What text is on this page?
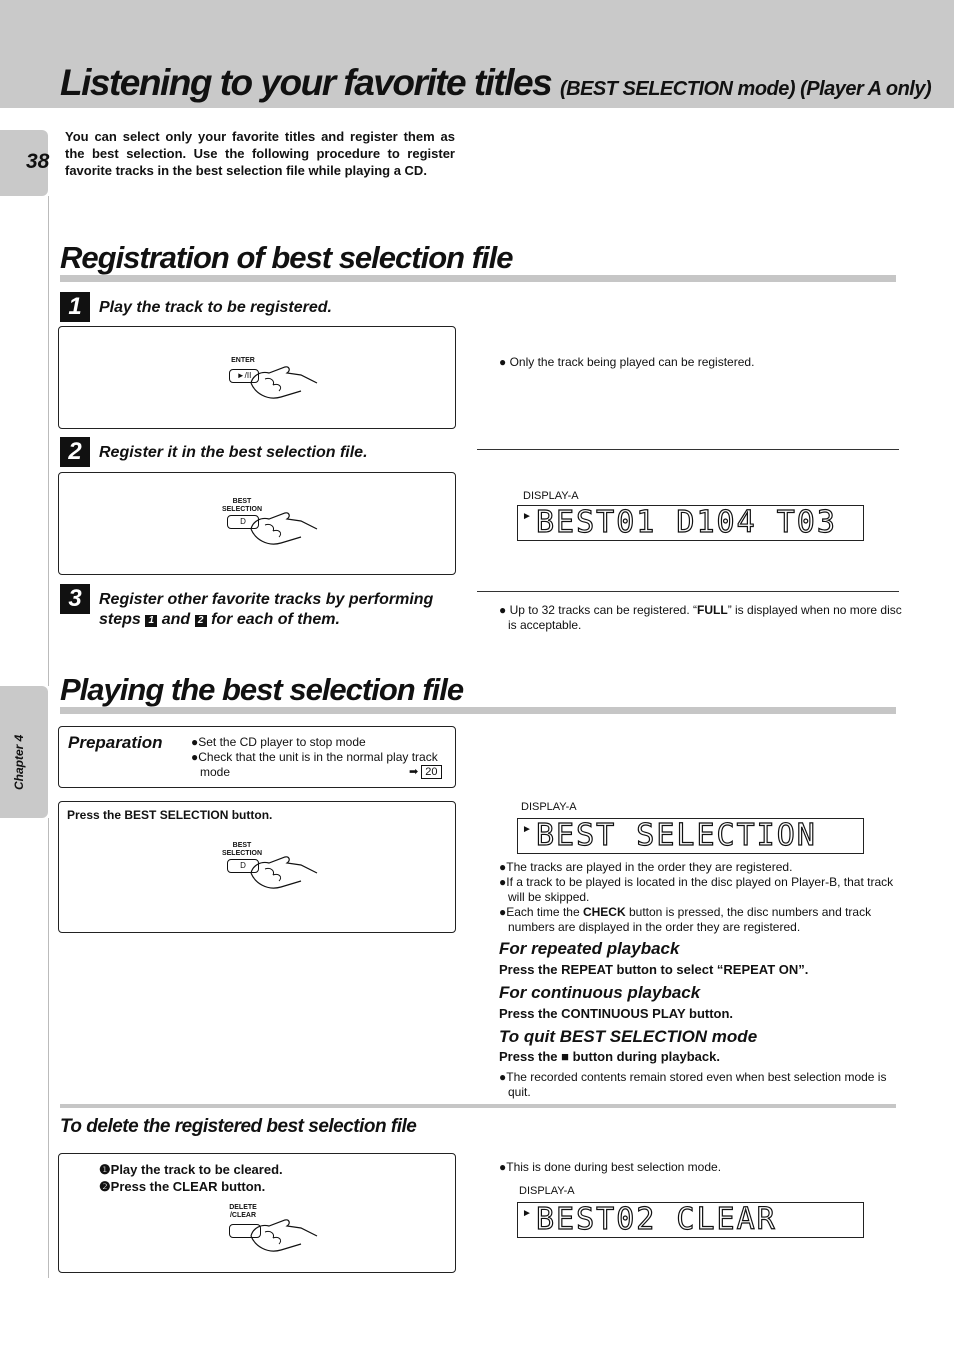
Listening to your favorite titles (BEST SELECTION mode) (Player A only)
38
Chapter 4
You can select only your favorite titles and register them as the best selection. Use the following procedure to register favorite tracks in the best selection file while playing a CD.
Registration of best selection file
1	Play the track to be registered.
ENTER
►/II
● Only the track being played can be registered.
2	Register it in the best selection file.
BEST SELECTION
D
DISPLAY-A
► BEST01 D104 T03
3	Register other favorite tracks by performing steps 1 and 2 for each of them.
● Up to 32 tracks can be registered. “FULL” is displayed when no more disc is acceptable.
Playing the best selection file
Preparation ●Set the CD player to stop mode
●Check that the unit is in the normal play track mode	➡ 20
Press the BEST SELECTION button.
BEST SELECTION
D
DISPLAY-A
► BEST SELECTION
●The tracks are played in the order they are registered.
●If a track to be played is located in the disc played on Player-B, that track will be skipped.
●Each time the CHECK button is pressed, the disc numbers and track numbers are displayed in the order they are registered.
For repeated playback
Press the REPEAT button to select “REPEAT ON”.
For continuous playback
Press the CONTINUOUS PLAY button.
To quit BEST SELECTION mode
Press the ■ button during playback.
●The recorded contents remain stored even when best selection mode is quit.
To delete the registered best selection file
❶Play the track to be cleared.
❷Press the CLEAR button.
DELETE /CLEAR
●This is done during best selection mode.
DISPLAY-A
► BEST02 CLEAR
